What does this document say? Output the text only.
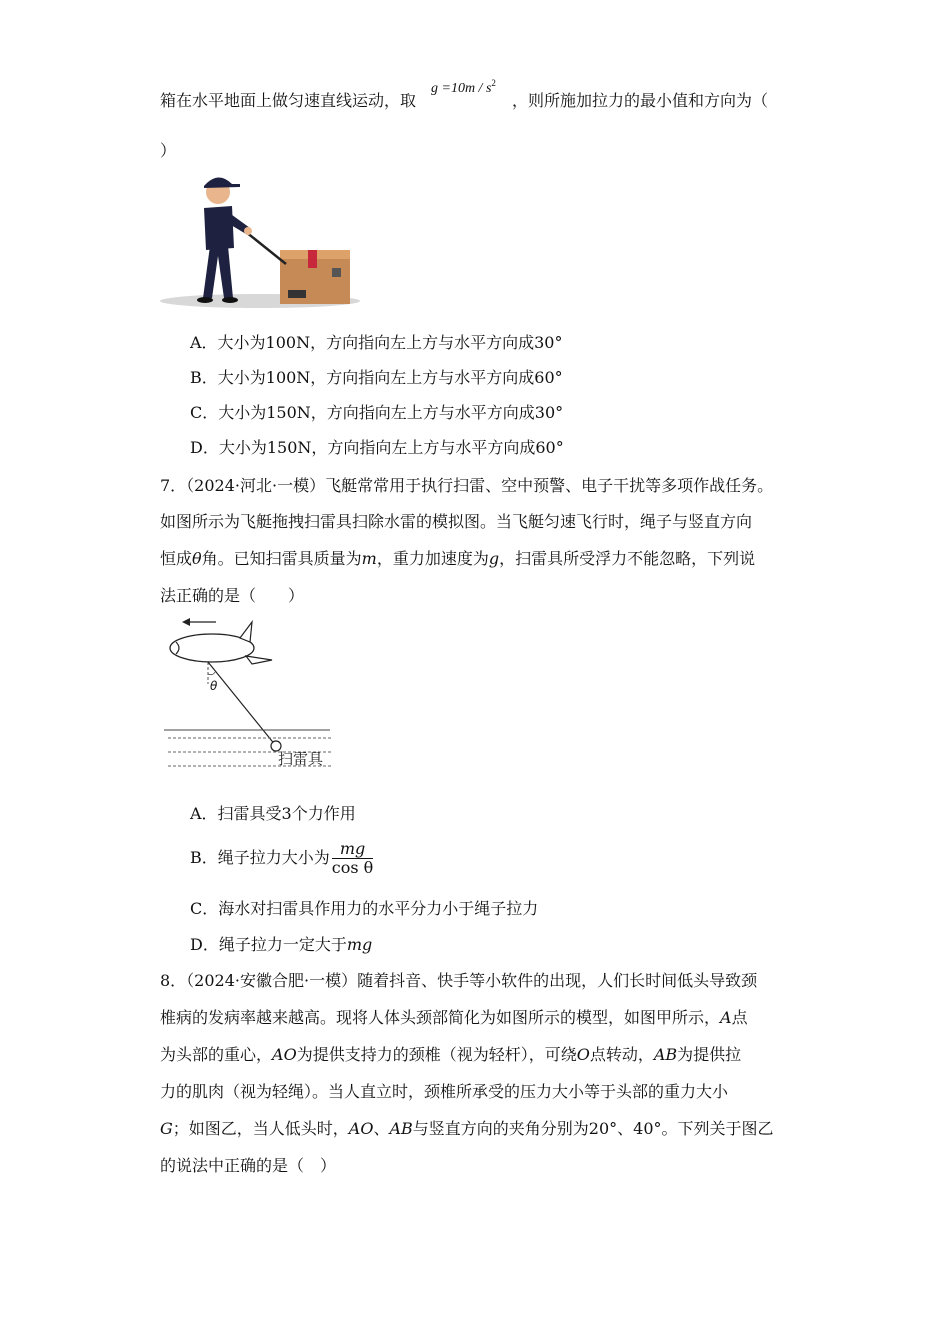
箱在水平地面上做匀速直线运动，取
$g =10m / s^2$
，则所施加拉力的最小值和方向为（
）
A．大小为100N，方向指向左上方与水平方向成30°
B．大小为100N，方向指向左上方与水平方向成60°
C．大小为150N，方向指向左上方与水平方向成30°
D．大小为150N，方向指向左上方与水平方向成60°
7．（2024·河北·一模）飞艇常常用于执行扫雷、空中预警、电子干扰等多项作战任务。
如图所示为飞艇拖拽扫雷具扫除水雷的模拟图。当飞艇匀速飞行时，绳子与竖直方向
恒成θ角。已知扫雷具质量为m，重力加速度为g，扫雷具所受浮力不能忽略，下列说
法正确的是（　　）
θ
扫雷具
A．扫雷具受3个力作用
B．绳子拉力大小为 $\frac{mg}{\text{cos θ}}$
C．海水对扫雷具作用力的水平分力小于绳子拉力
D．绳子拉力一定大于mg
8．（2024·安徽合肥·一模）随着抖音、快手等小软件的出现，人们长时间低头导致颈
椎病的发病率越来越高。现将人体头颈部简化为如图所示的模型，如图甲所示，A点
为头部的重心，AO为提供支持力的颈椎（视为轻杆），可绕O点转动，AB为提供拉
力的肌肉（视为轻绳）。当人直立时，颈椎所承受的压力大小等于头部的重力大小
G；如图乙，当人低头时，AO、AB与竖直方向的夹角分别为20°、40°。下列关于图乙
的说法中正确的是（　）
